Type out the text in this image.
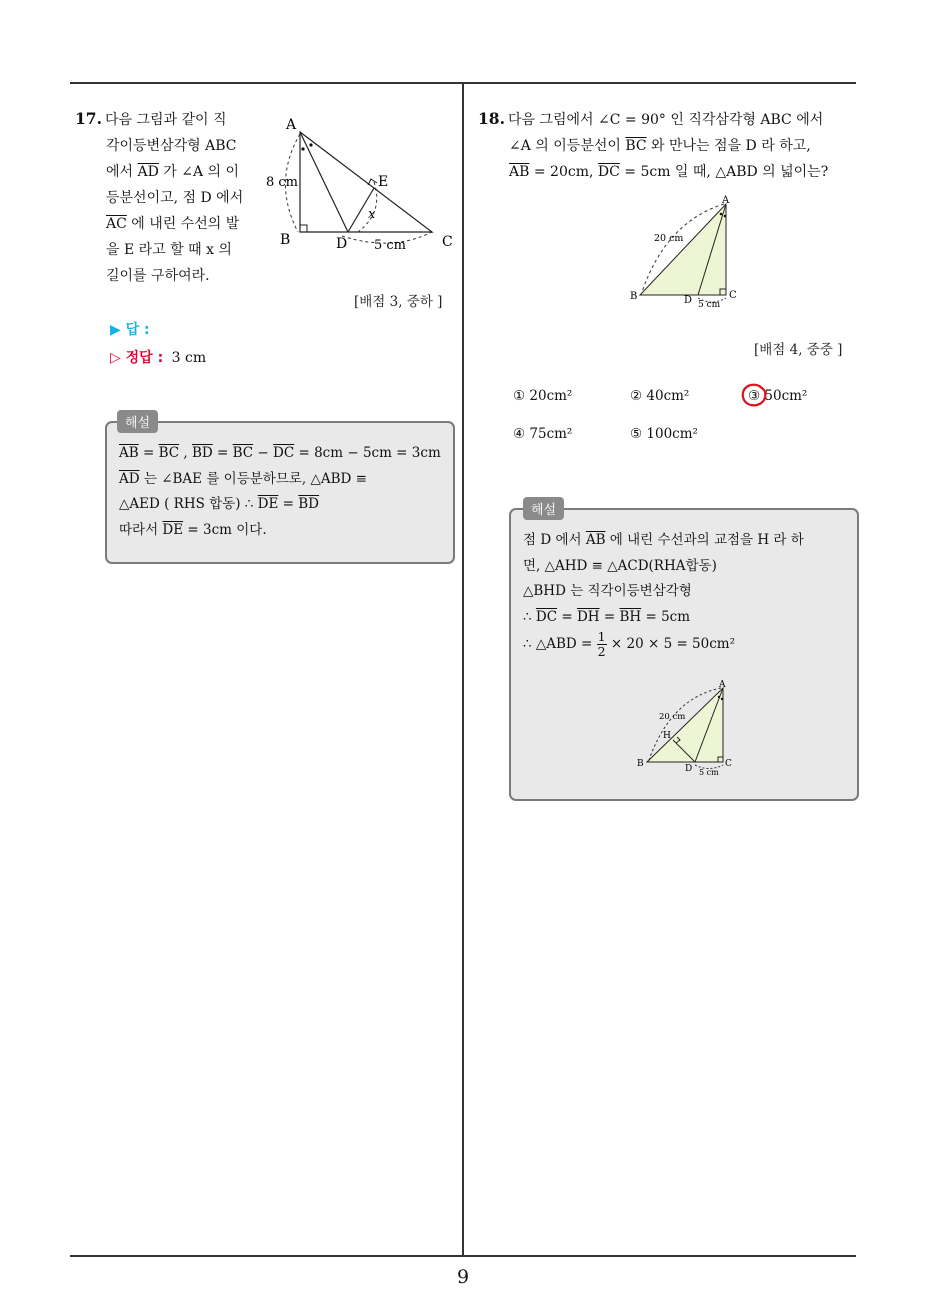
17. 다음 그림과 같이 직
각이등변삼각형 ABC
에서 $\overline{AD}$ 가 ∠A 의 이
등분선이고, 점 D 에서
$\overline{AC}$ 에 내린 수선의 발
을 E 라고 할 때 x 의
길이를 구하여라.
A
B	C
D
E
x
8 cm
5 cm
[배점 3, 중하 ]
▶ 답 :
▷ 정답 : 3 cm
해설
$\overline{AB} = \overline{BC}$ , $\overline{BD} = \overline{BC} - \overline{DC} = 8cm - 5cm = 3cm$
$\overline{AD}$ 는 ∠BAE 를 이등분하므로, △ABD ≡
△AED ( RHS 합동) ∴ $\overline{DE} = \overline{BD}$
따라서 $\overline{DE} = 3cm$ 이다.
18. 다음 그림에서 ∠C = 90° 인 직각삼각형 ABC 에서
∠A 의 이등분선이 $\overline{BC}$ 와 만나는 점을 D 라 하고,
$\overline{AB} = 20cm$, $\overline{DC} = 5cm$ 일 때, △ABD 의 넓이는?
A
B	C
D
20 cm
5 cm
[배점 4, 중중 ]
① 20cm²	② 40cm²	③ 50cm²
④ 75cm²	⑤ 100cm²
해설
점 D 에서 $\overline{AB}$ 에 내린 수선과의 교점을 H 라 하
면, △AHD ≡ △ACD(RHA합동)
△BHD 는 직각이등변삼각형
∴ $\overline{DC} = \overline{DH} = \overline{BH} = 5cm$
∴ △ABD = $\frac{1}{2} \times 20 \times 5 = 50cm^2$
A
B	C
D
H
20 cm
5 cm
9
